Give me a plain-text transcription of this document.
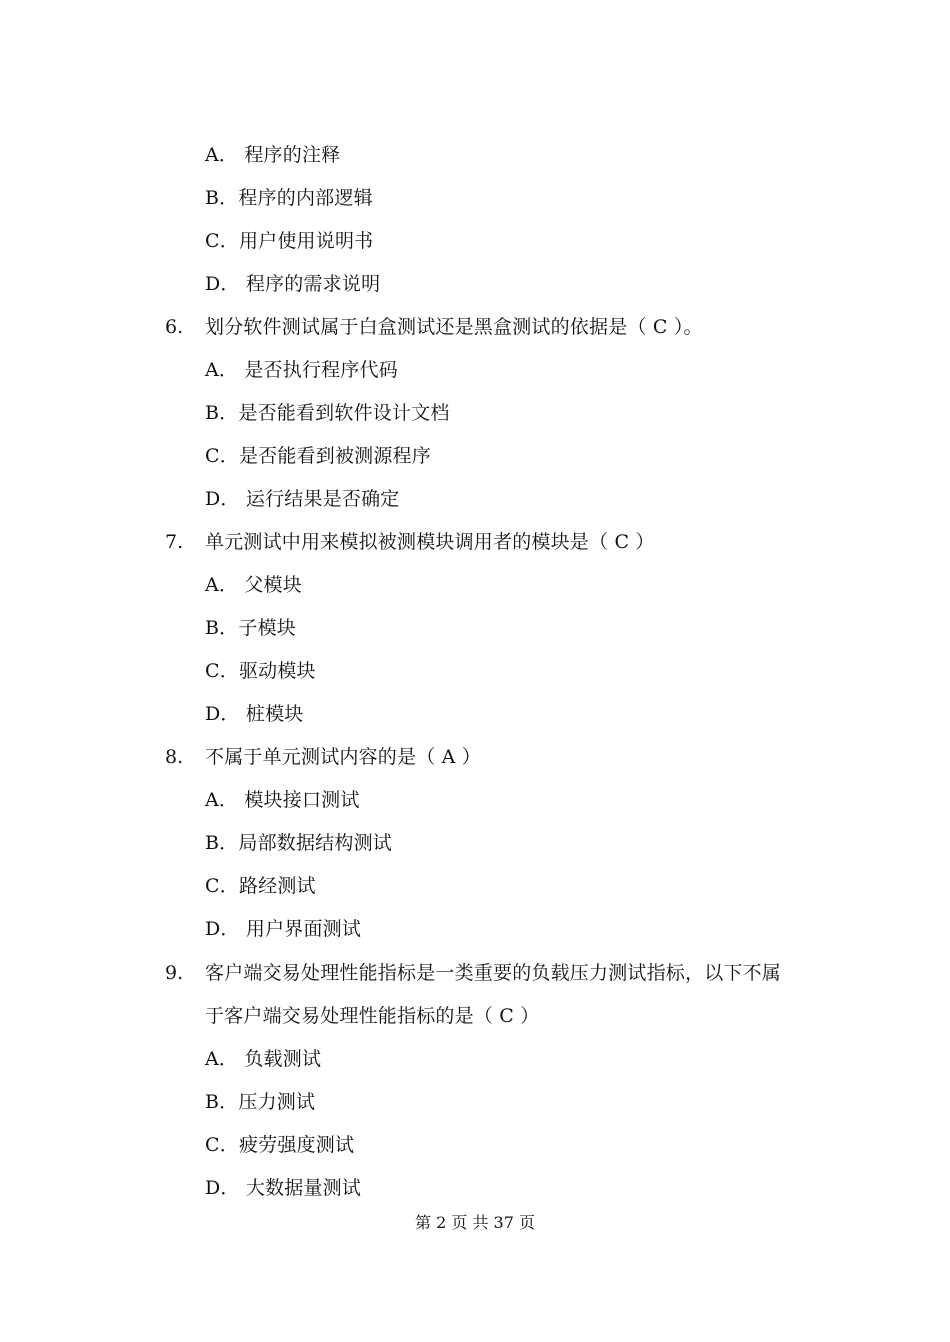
A． 程序的注释
B．程序的内部逻辑
C．用户使用说明书
D． 程序的需求说明
6. 划分软件测试属于白盒测试还是黑盒测试的依据是（ C ）。
A． 是否执行程序代码
B．是否能看到软件设计文档
C．是否能看到被测源程序
D． 运行结果是否确定
7. 单元测试中用来模拟被测模块调用者的模块是（ C ）
A． 父模块
B．子模块
C．驱动模块
D． 桩模块
8. 不属于单元测试内容的是（ A ）
A． 模块接口测试
B．局部数据结构测试
C．路经测试
D． 用户界面测试
9. 客户端交易处理性能指标是一类重要的负载压力测试指标，以下不属
于客户端交易处理性能指标的是（ C ）
A． 负载测试
B．压力测试
C．疲劳强度测试
D． 大数据量测试
第 2 页 共 37 页
